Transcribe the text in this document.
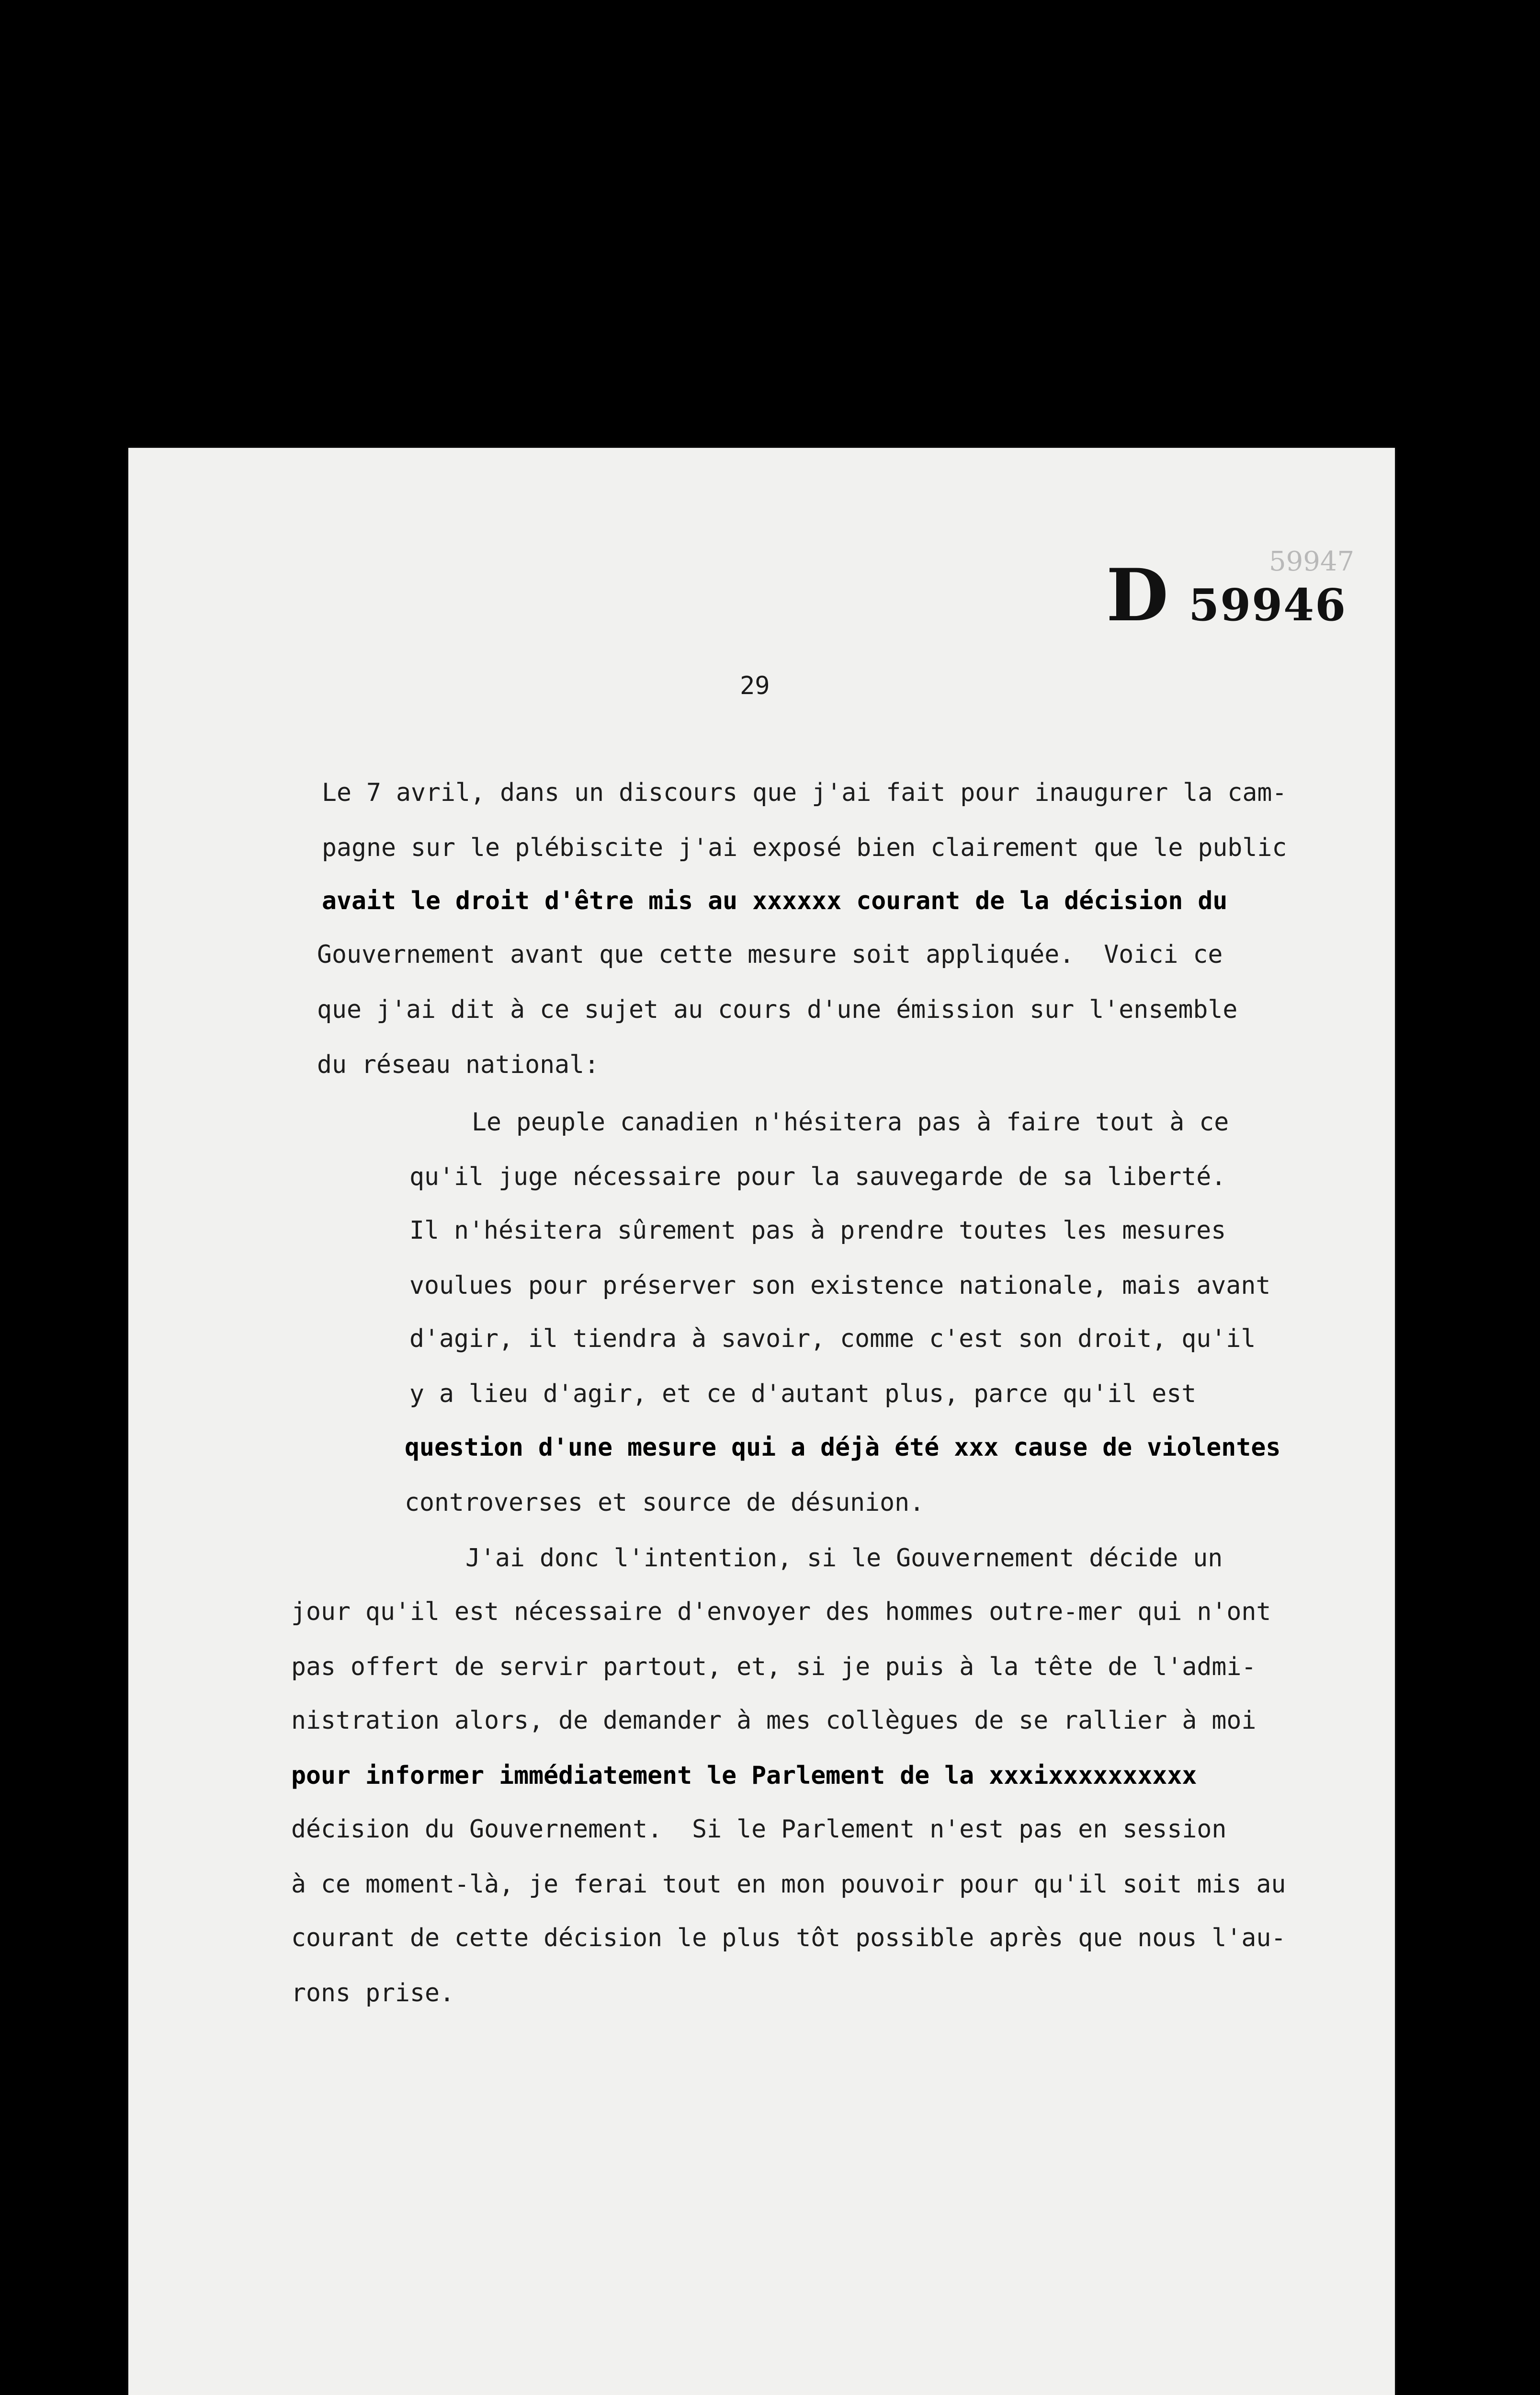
59947
D 59946
29
Le 7 avril, dans un discours que j'ai fait pour inaugurer la cam-
pagne sur le plébiscite j'ai exposé bien clairement que le public
avait le droit d'être mis au xxxxxx courant de la décision du
Gouvernement avant que cette mesure soit appliquée.  Voici ce
que j'ai dit à ce sujet au cours d'une émission sur l'ensemble
du réseau national:
Le peuple canadien n'hésitera pas à faire tout à ce
qu'il juge nécessaire pour la sauvegarde de sa liberté.
Il n'hésitera sûrement pas à prendre toutes les mesures
voulues pour préserver son existence nationale, mais avant
d'agir, il tiendra à savoir, comme c'est son droit, qu'il
y a lieu d'agir, et ce d'autant plus, parce qu'il est
question d'une mesure qui a déjà été xxx cause de violentes
controverses et source de désunion.
J'ai donc l'intention, si le Gouvernement décide un
jour qu'il est nécessaire d'envoyer des hommes outre-mer qui n'ont
pas offert de servir partout, et, si je puis à la tête de l'admi-
nistration alors, de demander à mes collègues de se rallier à moi
pour informer immédiatement le Parlement de la xxxixxxxxxxxxx
décision du Gouvernement.  Si le Parlement n'est pas en session
à ce moment-là, je ferai tout en mon pouvoir pour qu'il soit mis au
courant de cette décision le plus tôt possible après que nous l'au-
rons prise.
